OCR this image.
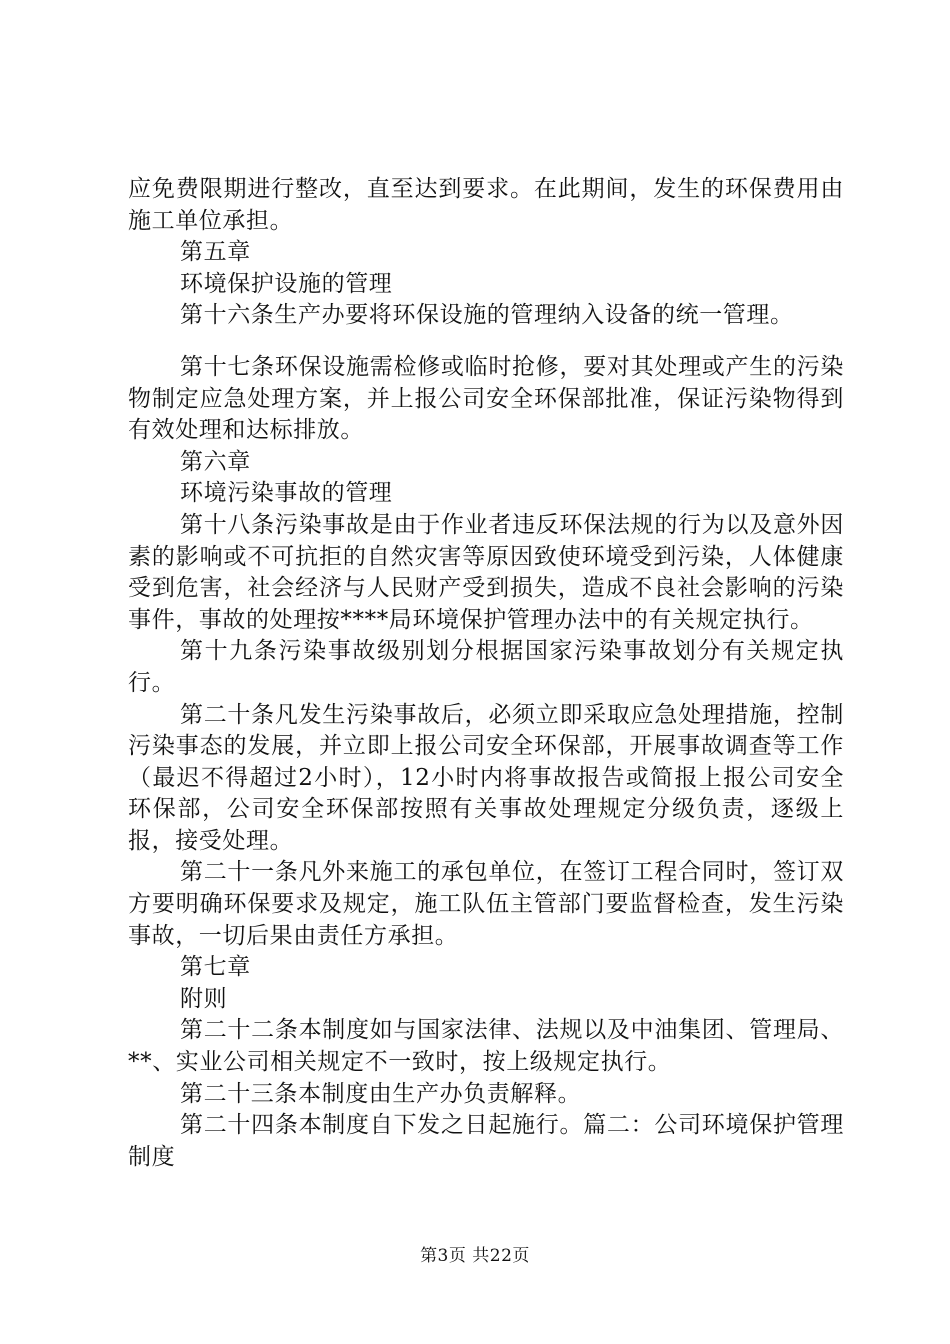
应免费限期进行整改，直至达到要求。在此期间，发生的环保费用由施工单位承担。

第五章

环境保护设施的管理

第十六条生产办要将环保设施的管理纳入设备的统一管理。

第十七条环保设施需检修或临时抢修，要对其处理或产生的污染物制定应急处理方案，并上报公司安全环保部批准，保证污染物得到有效处理和达标排放。

第六章

环境污染事故的管理

第十八条污染事故是由于作业者违反环保法规的行为以及意外因素的影响或不可抗拒的自然灾害等原因致使环境受到污染，人体健康受到危害，社会经济与人民财产受到损失，造成不良社会影响的污染事件，事故的处理按****局环境保护管理办法中的有关规定执行。

第十九条污染事故级别划分根据国家污染事故划分有关规定执行。

第二十条凡发生污染事故后，必须立即采取应急处理措施，控制污染事态的发展，并立即上报公司安全环保部，开展事故调查等工作（最迟不得超过2小时），12小时内将事故报告或简报上报公司安全环保部，公司安全环保部按照有关事故处理规定分级负责，逐级上报，接受处理。

第二十一条凡外来施工的承包单位，在签订工程合同时，签订双方要明确环保要求及规定，施工队伍主管部门要监督检查，发生污染事故，一切后果由责任方承担。

第七章

附则

第二十二条本制度如与国家法律、法规以及中油集团、管理局、**、实业公司相关规定不一致时，按上级规定执行。

第二十三条本制度由生产办负责解释。

第二十四条本制度自下发之日起施行。篇二：公司环境保护管理制度

第3页 共22页
